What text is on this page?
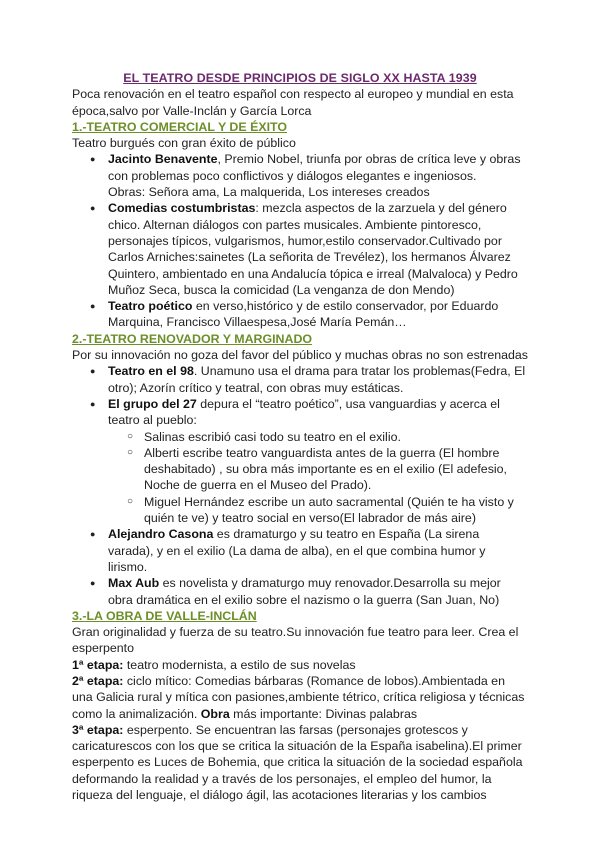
EL TEATRO DESDE PRINCIPIOS DE SIGLO XX HASTA 1939

Poca renovación en el teatro español con respecto al europeo y mundial en esta época,salvo por Valle-Inclán y García Lorca

1.-TEATRO COMERCIAL Y DE ÉXITO

Teatro burgués con gran éxito de público

● Jacinto Benavente, Premio Nobel, triunfa por obras de crítica leve y obras con problemas poco conflictivos y diálogos elegantes e ingeniosos.
Obras: Señora ama, La malquerida, Los intereses creados
● Comedias costumbristas: mezcla aspectos de la zarzuela y del género chico. Alternan diálogos con partes musicales. Ambiente pintoresco, personajes típicos, vulgarismos, humor,estilo conservador.Cultivado por Carlos Arniches:sainetes (La señorita de Trevélez), los hermanos Álvarez Quintero, ambientado en una Andalucía tópica e irreal (Malvaloca) y Pedro Muñoz Seca, busca la comicidad (La venganza de don Mendo)
● Teatro poético en verso,histórico y de estilo conservador, por Eduardo Marquina, Francisco Villaespesa,José María Pemán…

2.-TEATRO RENOVADOR Y MARGINADO

Por su innovación no goza del favor del público y muchas obras no son estrenadas

● Teatro en el 98. Unamuno usa el drama para tratar los problemas(Fedra, El otro); Azorín crítico y teatral, con obras muy estáticas.
● El grupo del 27 depura el “teatro poético”, usa vanguardias y acerca el teatro al pueblo:
○ Salinas escribió casi todo su teatro en el exilio.
○ Alberti escribe teatro vanguardista antes de la guerra (El hombre deshabitado) , su obra más importante es en el exilio (El adefesio, Noche de guerra en el Museo del Prado).
○ Miguel Hernández escribe un auto sacramental (Quién te ha visto y quién te ve) y teatro social en verso(El labrador de más aire)
● Alejandro Casona es dramaturgo y su teatro en España (La sirena varada), y en el exilio (La dama de alba), en el que combina humor y lirismo.
● Max Aub es novelista y dramaturgo muy renovador.Desarrolla su mejor obra dramática en el exilio sobre el nazismo o la guerra (San Juan, No)

3.-LA OBRA DE VALLE-INCLÁN

Gran originalidad y fuerza de su teatro.Su innovación fue teatro para leer. Crea el esperpento

1ª etapa: teatro modernista, a estilo de sus novelas

2ª etapa: ciclo mítico: Comedias bárbaras (Romance de lobos).Ambientada en una Galicia rural y mítica con pasiones,ambiente tétrico, crítica religiosa y técnicas como la animalización. Obra más importante: Divinas palabras

3ª etapa: esperpento. Se encuentran las farsas (personajes grotescos y caricaturescos con los que se critica la situación de la España isabelina).El primer esperpento es Luces de Bohemia, que critica la situación de la sociedad española deformando la realidad y a través de los personajes, el empleo del humor, la riqueza del lenguaje, el diálogo ágil, las acotaciones literarias y los cambios
